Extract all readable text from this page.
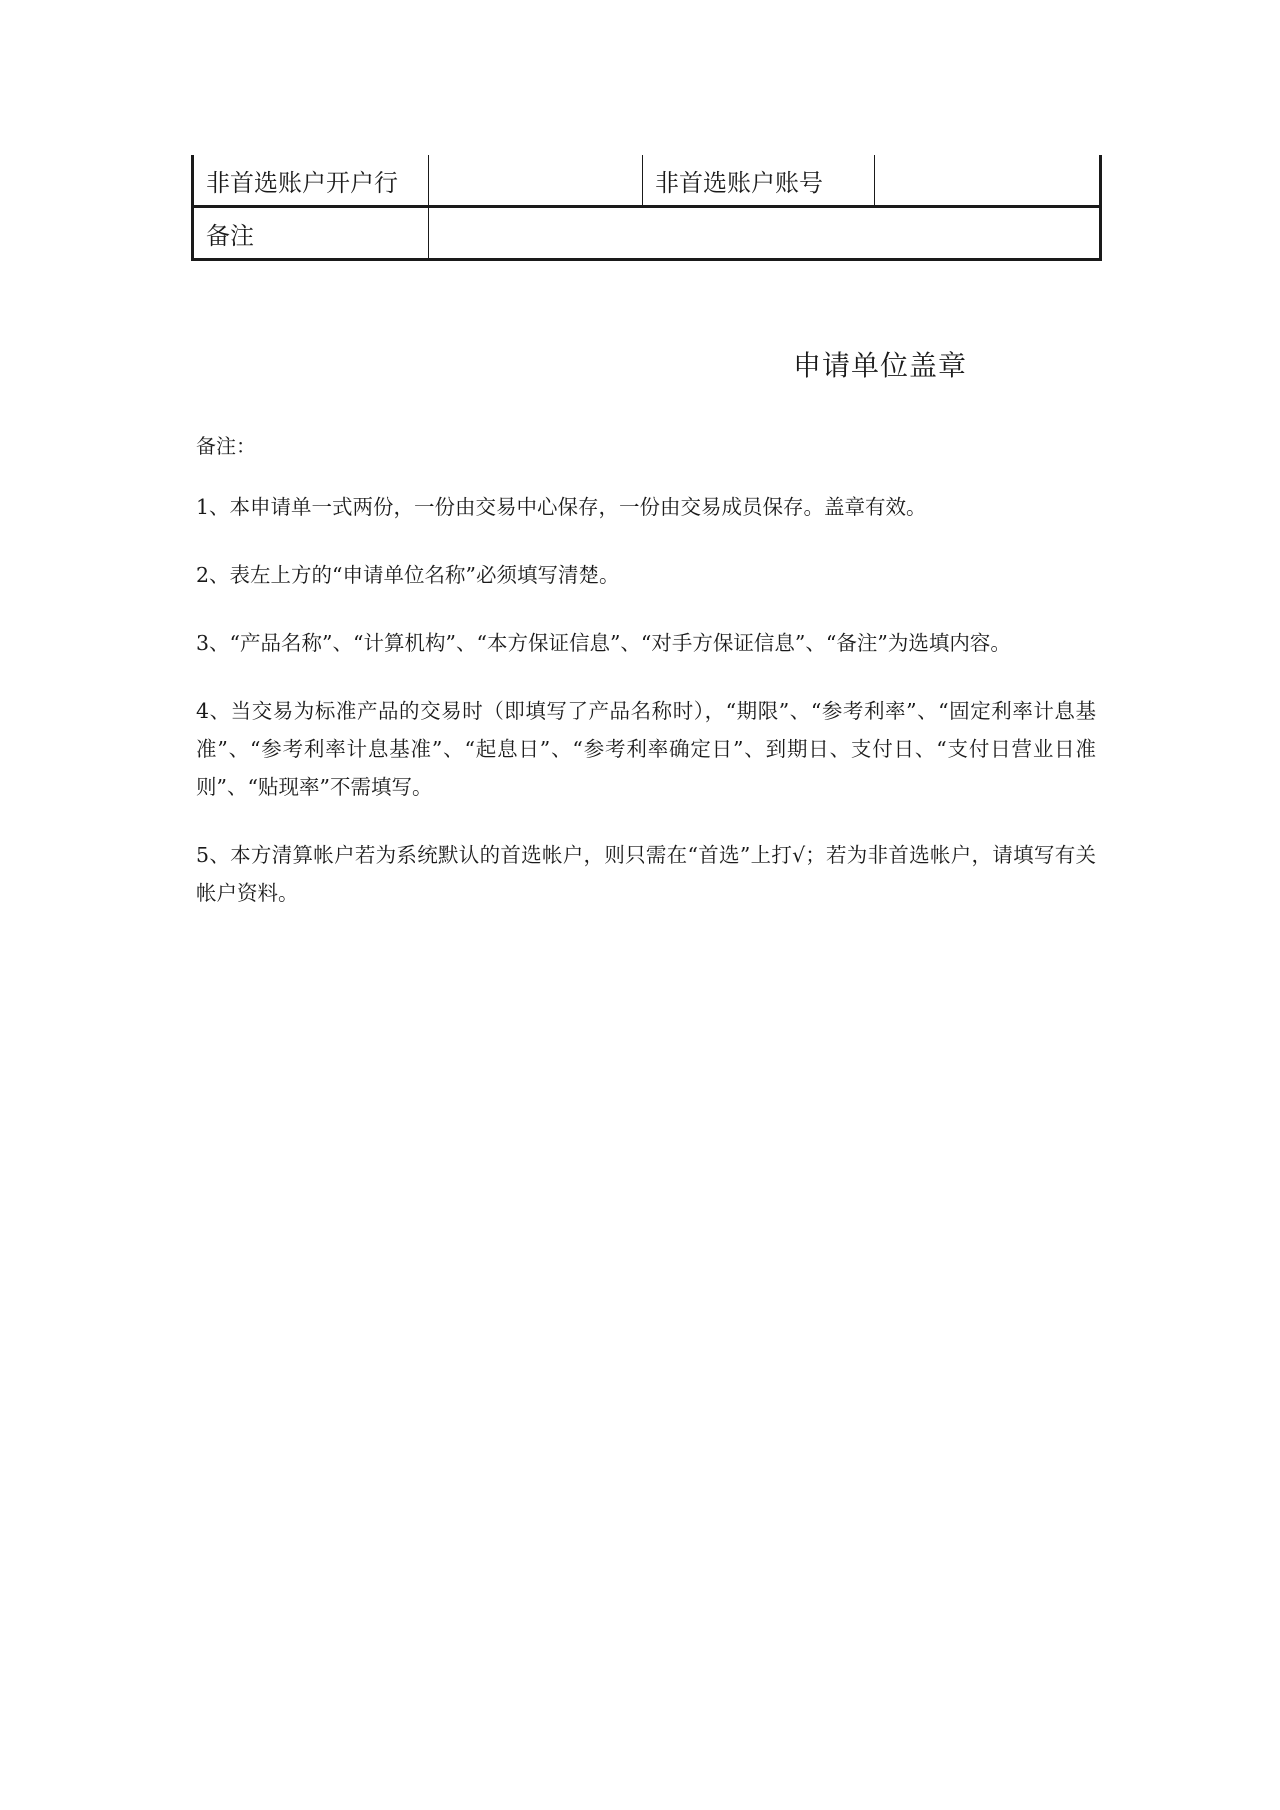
非首选账户开户行		非首选账户账号	
备注			
申请单位盖章
备注：
1、本申请单一式两份，一份由交易中心保存，一份由交易成员保存。盖章有效。
2、表左上方的“申请单位名称”必须填写清楚。
3、“产品名称”、“计算机构”、“本方保证信息”、“对手方保证信息”、“备注”为选填内容。
4、当交易为标准产品的交易时（即填写了产品名称时），“期限”、“参考利率”、“固定利率计息基准”、“参考利率计息基准”、“起息日”、“参考利率确定日”、到期日、支付日、“支付日营业日准则”、“贴现率”不需填写。
5、本方清算帐户若为系统默认的首选帐户，则只需在“首选”上打√；若为非首选帐户，请填写有关帐户资料。
